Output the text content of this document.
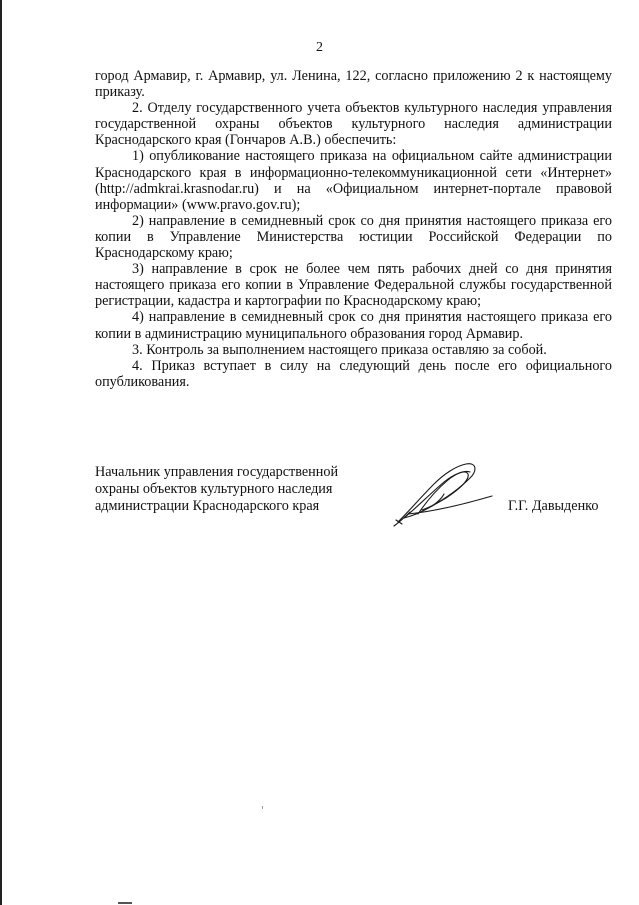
2

город Армавир, г. Армавир, ул. Ленина, 122, согласно приложению 2 к настоящему приказу.

2. Отделу государственного учета объектов культурного наследия управления государственной охраны объектов культурного наследия администрации Краснодарского края (Гончаров А.В.) обеспечить:

1) опубликование настоящего приказа на официальном сайте администрации Краснодарского края в информационно-телекоммуникационной сети «Интернет» (http://admkrai.krasnodar.ru) и на «Официальном интернет-портале правовой информации» (www.pravo.gov.ru);

2) направление в семидневный срок со дня принятия настоящего приказа его копии в Управление Министерства юстиции Российской Федерации по Краснодарскому краю;

3) направление в срок не более чем пять рабочих дней со дня принятия настоящего приказа его копии в Управление Федеральной службы государственной регистрации, кадастра и картографии по Краснодарскому краю;

4) направление в семидневный срок со дня принятия настоящего приказа его копии в администрацию муниципального образования город Армавир.

3. Контроль за выполнением настоящего приказа оставляю за собой.

4. Приказ вступает в силу на следующий день после его официального опубликования.

Начальник управления государственной
охраны объектов культурного наследия
администрации Краснодарского края	Г.Г. Давыденко
